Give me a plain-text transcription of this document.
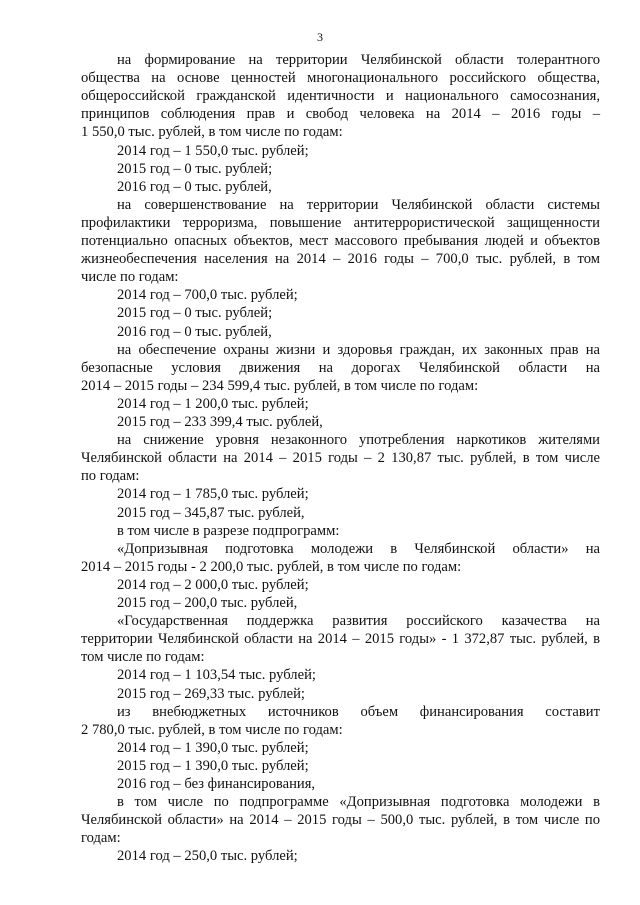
3
на формирование на территории Челябинской области толерантного
общества на основе ценностей многонационального российского общества,
общероссийской гражданской идентичности и национального самосознания,
принципов соблюдения прав и свобод человека на 2014 – 2016 годы –
1 550,0 тыс. рублей, в том числе по годам:
2014 год – 1 550,0 тыс. рублей;
2015 год – 0 тыс. рублей;
2016 год – 0 тыс. рублей,
на совершенствование на территории Челябинской области системы
профилактики терроризма, повышение антитеррористической защищенности
потенциально опасных объектов, мест массового пребывания людей и объектов
жизнеобеспечения населения на 2014 – 2016 годы – 700,0 тыс. рублей, в том
числе по годам:
2014 год – 700,0 тыс. рублей;
2015 год – 0 тыс. рублей;
2016 год – 0 тыс. рублей,
на обеспечение охраны жизни и здоровья граждан, их законных прав на
безопасные условия движения на дорогах Челябинской области на
2014 – 2015 годы – 234 599,4 тыс. рублей, в том числе по годам:
2014 год – 1 200,0 тыс. рублей;
2015 год – 233 399,4 тыс. рублей,
на снижение уровня незаконного употребления наркотиков жителями
Челябинской области на 2014 – 2015 годы – 2 130,87 тыс. рублей, в том числе
по годам:
2014 год – 1 785,0 тыс. рублей;
2015 год – 345,87 тыс. рублей,
в том числе в разрезе подпрограмм:
«Допризывная подготовка молодежи в Челябинской области» на
2014 – 2015 годы - 2 200,0 тыс. рублей, в том числе по годам:
2014 год – 2 000,0 тыс. рублей;
2015 год – 200,0 тыс. рублей,
«Государственная поддержка развития российского казачества на
территории Челябинской области на 2014 – 2015 годы» - 1 372,87 тыс. рублей, в
том числе по годам:
2014 год – 1 103,54 тыс. рублей;
2015 год – 269,33 тыс. рублей;
из внебюджетных источников объем финансирования составит
2 780,0 тыс. рублей, в том числе по годам:
2014 год – 1 390,0 тыс. рублей;
2015 год – 1 390,0 тыс. рублей;
2016 год – без финансирования,
в том числе по подпрограмме «Допризывная подготовка молодежи в
Челябинской области» на 2014 – 2015 годы – 500,0 тыс. рублей, в том числе по
годам:
2014 год – 250,0 тыс. рублей;
